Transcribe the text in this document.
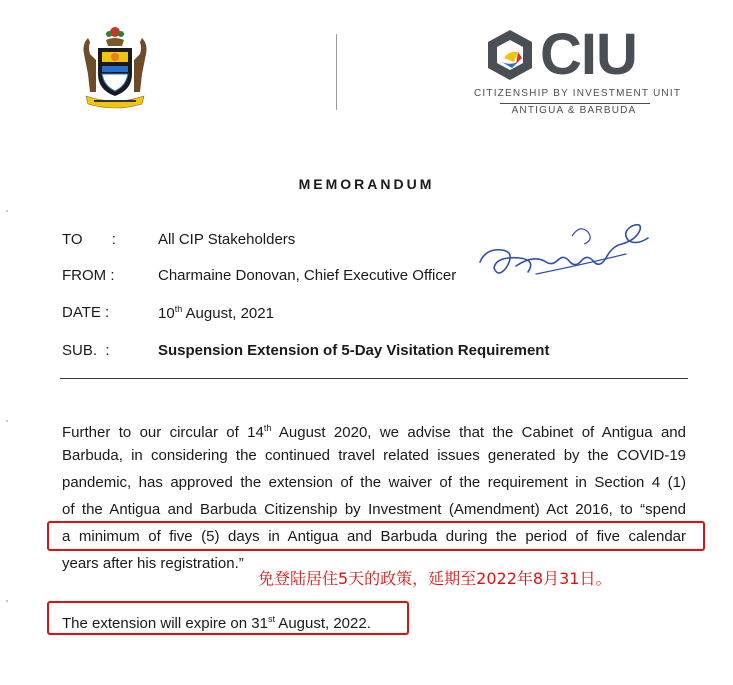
CIU
CITIZENSHIP BY INVESTMENT UNIT
ANTIGUA & BARBUDA
MEMORANDUM
TO       :	All CIP Stakeholders
FROM :	Charmaine Donovan, Chief Executive Officer
DATE :	10th August, 2021
SUB.  :	Suspension Extension of 5-Day Visitation Requirement
Further to our circular of 14th August 2020, we advise that the Cabinet of Antigua and
Barbuda, in considering the continued travel related issues generated by the COVID-19
pandemic, has approved the extension of the waiver of the requirement in Section 4 (1)
of the Antigua and Barbuda Citizenship by Investment (Amendment) Act 2016, to “spend
a minimum of five (5) days in Antigua and Barbuda during the period of five calendar
years after his registration.”
免登陆居住5天的政策，延期至2022年8月31日。
The extension will expire on 31st August, 2022.
